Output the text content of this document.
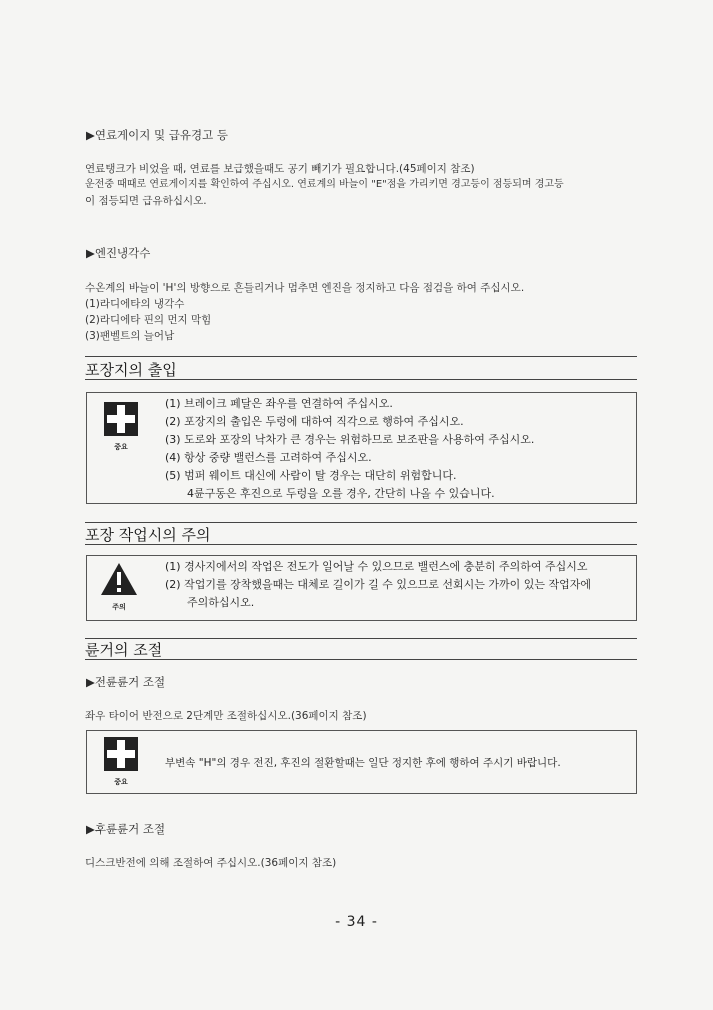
▶연료게이지 및 급유경고 등
연료탱크가 비었을 때, 연료를 보급했을때도 공기 빼기가 필요합니다.(45페이지 참조)
운전중 때때로 연료게이지를 확인하여 주십시오. 연료계의 바늘이 "E"점을 가리키면 경고등이 점등되며 경고등
이 점등되면 급유하십시오.
▶엔진냉각수
수온계의 바늘이 'H'의 방향으로 흔들리거나 멈추면 엔진을 정지하고 다음 점검을 하여 주십시오.
(1)라디에타의 냉각수
(2)라디에타 핀의 먼지 막힘
(3)팬벨트의 늘어남
포장지의 출입
중요
(1) 브레이크 페달은 좌우를 연결하여 주십시오.
(2) 포장지의 출입은 두렁에 대하여 직각으로 행하여 주십시오.
(3) 도로와 포장의 낙차가 큰 경우는 위험하므로 보조판을 사용하여 주십시오.
(4) 항상 중량 밸런스를 고려하여 주십시오.
(5) 범퍼 웨이트 대신에 사람이 탈 경우는 대단히 위험합니다.
4륜구동은 후진으로 두렁을 오를 경우, 간단히 나올 수 있습니다.
포장 작업시의 주의
주의
(1) 경사지에서의 작업은 전도가 일어날 수 있으므로 밸런스에 충분히 주의하여 주십시오
(2) 작업기를 장착했을때는 대체로 길이가 길 수 있으므로 선회시는 가까이 있는 작업자에
주의하십시오.
륜거의 조절
▶전륜륜거 조절
좌우 타이어 반전으로 2단계만 조절하십시오.(36페이지 참조)
중요
부변속 "H"의 경우 전진, 후진의 절환할때는 일단 정지한 후에 행하여 주시기 바랍니다.
▶후륜륜거 조절
디스크반전에 의해 조절하여 주십시오.(36페이지 참조)
- 34 -
